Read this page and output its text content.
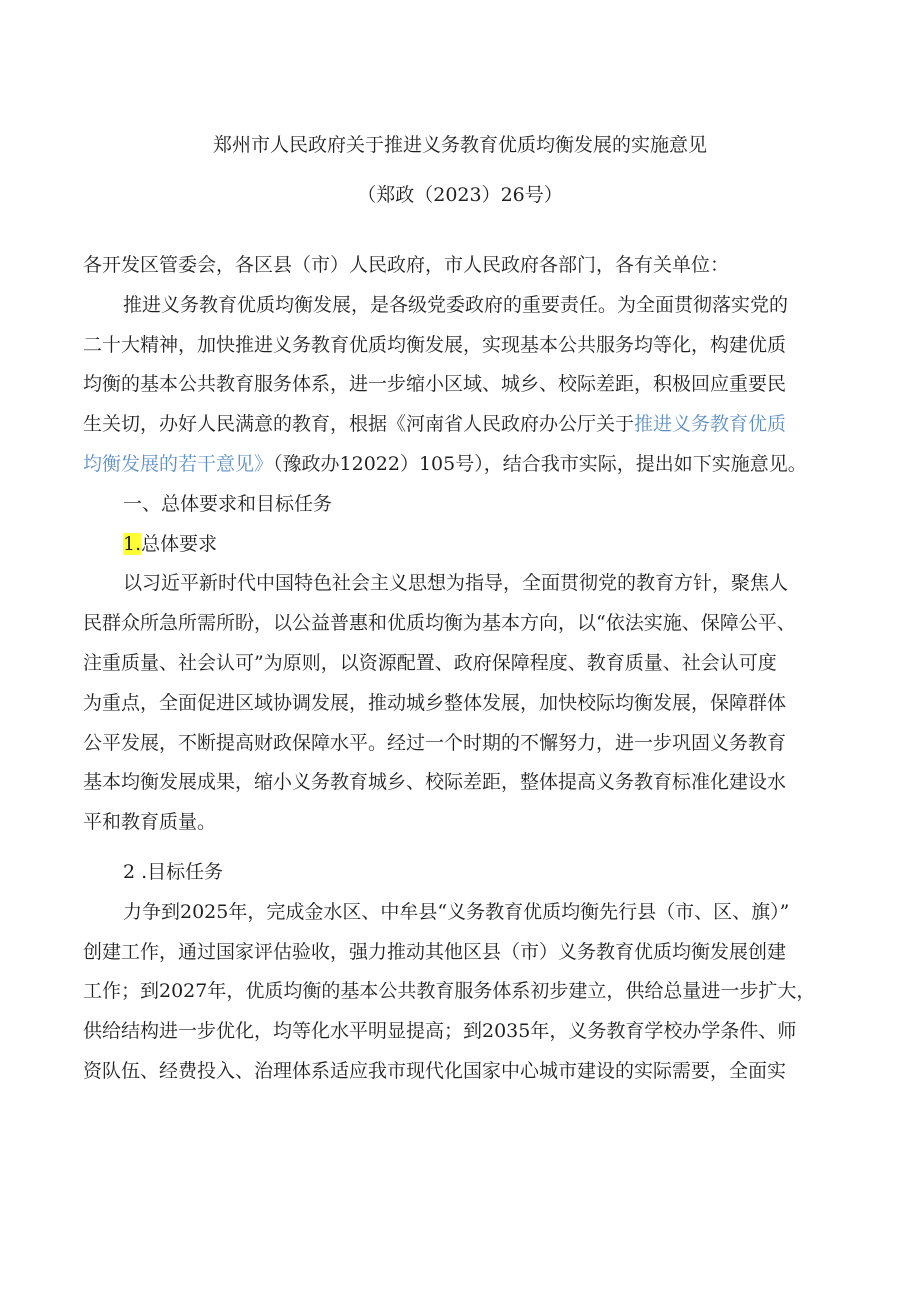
郑州市人民政府关于推进义务教育优质均衡发展的实施意见
（郑政（2023）26号）

各开发区管委会，各区县（市）人民政府，市人民政府各部门，各有关单位：

推进义务教育优质均衡发展，是各级党委政府的重要责任。为全面贯彻落实党的

二十大精神，加快推进义务教育优质均衡发展，实现基本公共服务均等化，构建优质

均衡的基本公共教育服务体系，进一步缩小区域、城乡、校际差距，积极回应重要民

生关切，办好人民满意的教育，根据《河南省人民政府办公厅关于推进义务教育优质

均衡发展的若干意见》（豫政办12022）105号），结合我市实际，提出如下实施意见。

一、总体要求和目标任务

1.总体要求

以习近平新时代中国特色社会主义思想为指导，全面贯彻党的教育方针，聚焦人

民群众所急所需所盼，以公益普惠和优质均衡为基本方向，以“依法实施、保障公平、

注重质量、社会认可”为原则，以资源配置、政府保障程度、教育质量、社会认可度

为重点，全面促进区域协调发展，推动城乡整体发展，加快校际均衡发展，保障群体

公平发展，不断提高财政保障水平。经过一个时期的不懈努力，进一步巩固义务教育

基本均衡发展成果，缩小义务教育城乡、校际差距，整体提高义务教育标准化建设水

平和教育质量。

2 .目标任务

力争到2025年，完成金水区、中牟县“义务教育优质均衡先行县（市、区、旗）”

创建工作，通过国家评估验收，强力推动其他区县（市）义务教育优质均衡发展创建

工作；到2027年，优质均衡的基本公共教育服务体系初步建立，供给总量进一步扩大，

供给结构进一步优化，均等化水平明显提高；到2035年，义务教育学校办学条件、师

资队伍、经费投入、治理体系适应我市现代化国家中心城市建设的实际需要，全面实
